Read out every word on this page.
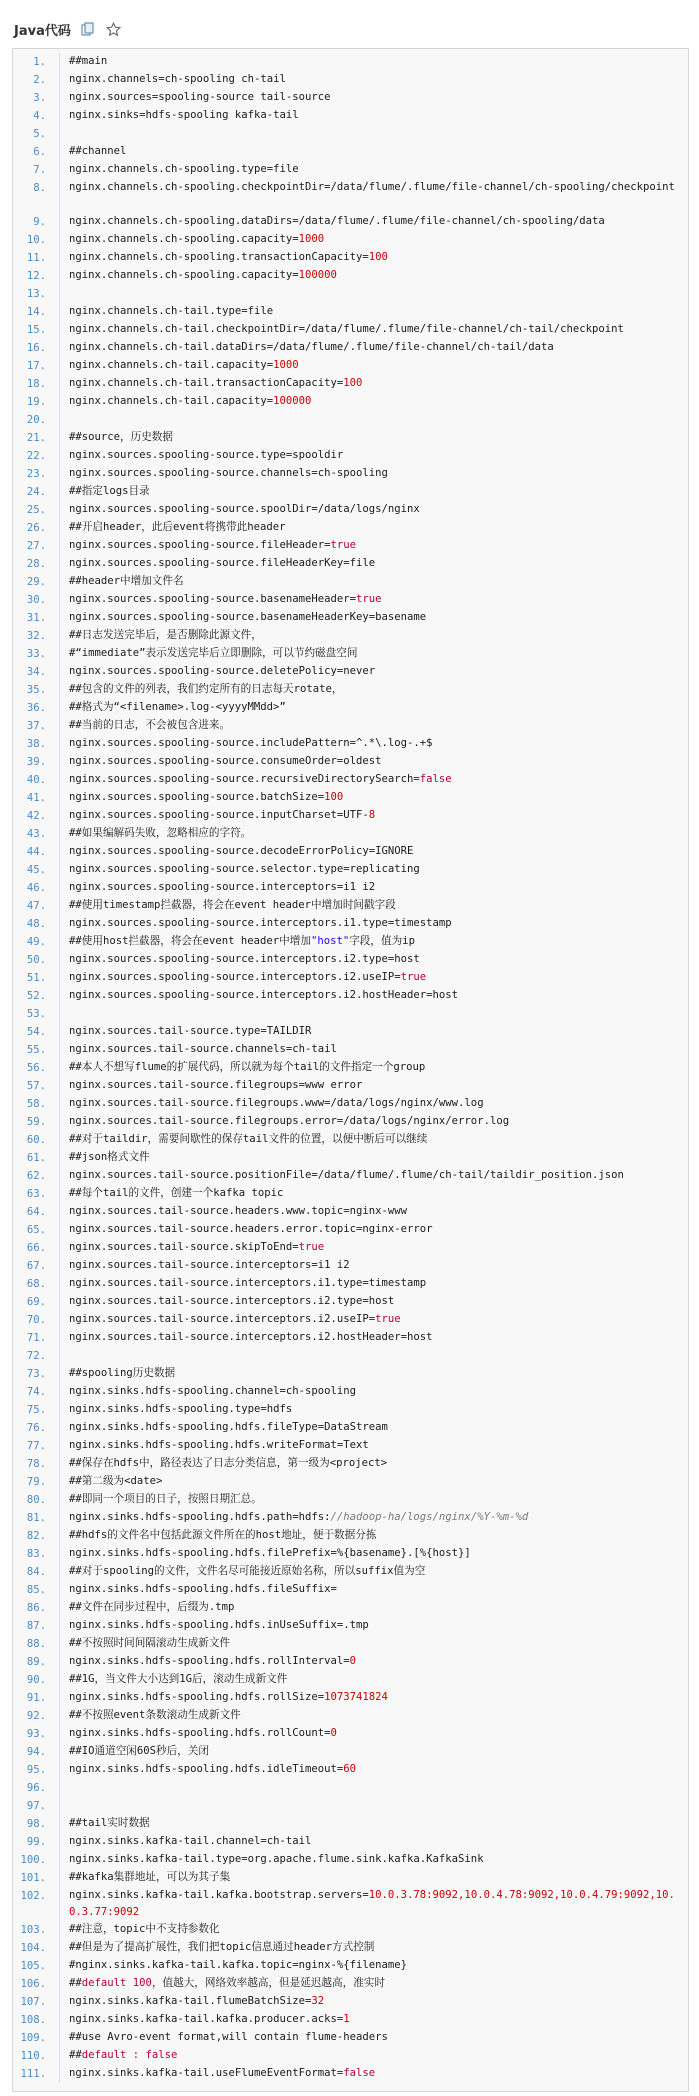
Java代码
1. ##main
2. nginx.channels=ch-spooling ch-tail
3. nginx.sources=spooling-source tail-source
4. nginx.sinks=hdfs-spooling kafka-tail
5.
6. ##channel
7. nginx.channels.ch-spooling.type=file
8. nginx.channels.ch-spooling.checkpointDir=/data/flume/.flume/file-channel/ch-spooling/checkpoint
9. nginx.channels.ch-spooling.dataDirs=/data/flume/.flume/file-channel/ch-spooling/data
10. nginx.channels.ch-spooling.capacity=1000
11. nginx.channels.ch-spooling.transactionCapacity=100
12. nginx.channels.ch-spooling.capacity=100000
13.
14. nginx.channels.ch-tail.type=file
15. nginx.channels.ch-tail.checkpointDir=/data/flume/.flume/file-channel/ch-tail/checkpoint
16. nginx.channels.ch-tail.dataDirs=/data/flume/.flume/file-channel/ch-tail/data
17. nginx.channels.ch-tail.capacity=1000
18. nginx.channels.ch-tail.transactionCapacity=100
19. nginx.channels.ch-tail.capacity=100000
20.
21. ##source，历史数据
22. nginx.sources.spooling-source.type=spooldir
23. nginx.sources.spooling-source.channels=ch-spooling
24. ##指定logs目录
25. nginx.sources.spooling-source.spoolDir=/data/logs/nginx
26. ##开启header，此后event将携带此header
27. nginx.sources.spooling-source.fileHeader=true
28. nginx.sources.spooling-source.fileHeaderKey=file
29. ##header中增加文件名
30. nginx.sources.spooling-source.basenameHeader=true
31. nginx.sources.spooling-source.basenameHeaderKey=basename
32. ##日志发送完毕后，是否删除此源文件，
33. #“immediate”表示发送完毕后立即删除，可以节约磁盘空间
34. nginx.sources.spooling-source.deletePolicy=never
35. ##包含的文件的列表，我们约定所有的日志每天rotate，
36. ##格式为“<filename>.log-<yyyyMMdd>”
37. ##当前的日志，不会被包含进来。
38. nginx.sources.spooling-source.includePattern=^.*\.log-.+$
39. nginx.sources.spooling-source.consumeOrder=oldest
40. nginx.sources.spooling-source.recursiveDirectorySearch=false
41. nginx.sources.spooling-source.batchSize=100
42. nginx.sources.spooling-source.inputCharset=UTF-8
43. ##如果编解码失败，忽略相应的字符。
44. nginx.sources.spooling-source.decodeErrorPolicy=IGNORE
45. nginx.sources.spooling-source.selector.type=replicating
46. nginx.sources.spooling-source.interceptors=i1 i2
47. ##使用timestamp拦截器，将会在event header中增加时间戳字段
48. nginx.sources.spooling-source.interceptors.i1.type=timestamp
49. ##使用host拦截器，将会在event header中增加"host"字段，值为ip
50. nginx.sources.spooling-source.interceptors.i2.type=host
51. nginx.sources.spooling-source.interceptors.i2.useIP=true
52. nginx.sources.spooling-source.interceptors.i2.hostHeader=host
53.
54. nginx.sources.tail-source.type=TAILDIR
55. nginx.sources.tail-source.channels=ch-tail
56. ##本人不想写flume的扩展代码，所以就为每个tail的文件指定一个group
57. nginx.sources.tail-source.filegroups=www error
58. nginx.sources.tail-source.filegroups.www=/data/logs/nginx/www.log
59. nginx.sources.tail-source.filegroups.error=/data/logs/nginx/error.log
60. ##对于taildir，需要间歇性的保存tail文件的位置，以便中断后可以继续
61. ##json格式文件
62. nginx.sources.tail-source.positionFile=/data/flume/.flume/ch-tail/taildir_position.json
63. ##每个tail的文件，创建一个kafka topic
64. nginx.sources.tail-source.headers.www.topic=nginx-www
65. nginx.sources.tail-source.headers.error.topic=nginx-error
66. nginx.sources.tail-source.skipToEnd=true
67. nginx.sources.tail-source.interceptors=i1 i2
68. nginx.sources.tail-source.interceptors.i1.type=timestamp
69. nginx.sources.tail-source.interceptors.i2.type=host
70. nginx.sources.tail-source.interceptors.i2.useIP=true
71. nginx.sources.tail-source.interceptors.i2.hostHeader=host
72.
73. ##spooling历史数据
74. nginx.sinks.hdfs-spooling.channel=ch-spooling
75. nginx.sinks.hdfs-spooling.type=hdfs
76. nginx.sinks.hdfs-spooling.hdfs.fileType=DataStream
77. nginx.sinks.hdfs-spooling.hdfs.writeFormat=Text
78. ##保存在hdfs中，路径表达了日志分类信息，第一级为<project>
79. ##第二级为<date>
80. ##即同一个项目的日子，按照日期汇总。
81. nginx.sinks.hdfs-spooling.hdfs.path=hdfs://hadoop-ha/logs/nginx/%Y-%m-%d
82. ##hdfs的文件名中包括此源文件所在的host地址，便于数据分拣
83. nginx.sinks.hdfs-spooling.hdfs.filePrefix=%{basename}.[%{host}]
84. ##对于spooling的文件，文件名尽可能接近原始名称，所以suffix值为空
85. nginx.sinks.hdfs-spooling.hdfs.fileSuffix=
86. ##文件在同步过程中，后缀为.tmp
87. nginx.sinks.hdfs-spooling.hdfs.inUseSuffix=.tmp
88. ##不按照时间间隔滚动生成新文件
89. nginx.sinks.hdfs-spooling.hdfs.rollInterval=0
90. ##1G，当文件大小达到1G后，滚动生成新文件
91. nginx.sinks.hdfs-spooling.hdfs.rollSize=1073741824
92. ##不按照event条数滚动生成新文件
93. nginx.sinks.hdfs-spooling.hdfs.rollCount=0
94. ##IO通道空闲60S秒后，关闭
95. nginx.sinks.hdfs-spooling.hdfs.idleTimeout=60
96.
97.
98. ##tail实时数据
99. nginx.sinks.kafka-tail.channel=ch-tail
100. nginx.sinks.kafka-tail.type=org.apache.flume.sink.kafka.KafkaSink
101. ##kafka集群地址，可以为其子集
102. nginx.sinks.kafka-tail.kafka.bootstrap.servers=10.0.3.78:9092,10.0.4.78:9092,10.0.4.79:9092,10.0.3.77:9092
103. ##注意，topic中不支持参数化
104. ##但是为了提高扩展性，我们把topic信息通过header方式控制
105. #nginx.sinks.kafka-tail.kafka.topic=nginx-%{filename}
106. ##default 100，值越大，网络效率越高，但是延迟越高，准实时
107. nginx.sinks.kafka-tail.flumeBatchSize=32
108. nginx.sinks.kafka-tail.kafka.producer.acks=1
109. ##use Avro-event format,will contain flume-headers
110. ##default : false
111. nginx.sinks.kafka-tail.useFlumeEventFormat=false
